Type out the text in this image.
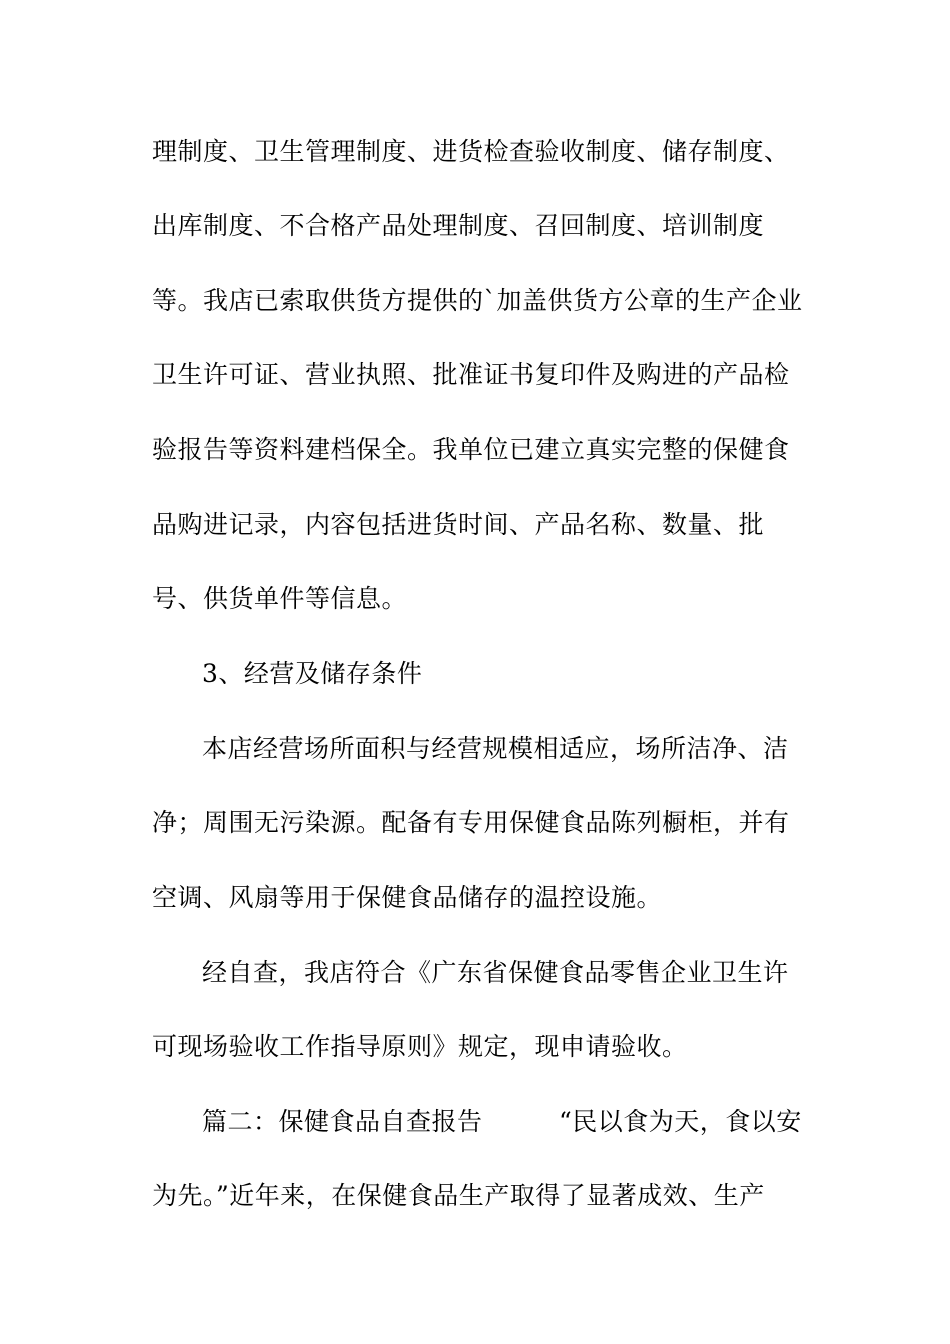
理制度、卫生管理制度、进货检查验收制度、储存制度、
出库制度、不合格产品处理制度、召回制度、培训制度
等。我店已索取供货方提供的`加盖供货方公章的生产企业
卫生许可证、营业执照、批准证书复印件及购进的产品检
验报告等资料建档保全。我单位已建立真实完整的保健食
品购进记录，内容包括进货时间、产品名称、数量、批
号、供货单件等信息。
3、经营及储存条件
本店经营场所面积与经营规模相适应，场所洁净、洁
净；周围无污染源。配备有专用保健食品陈列橱柜，并有
空调、风扇等用于保健食品储存的温控设施。
经自查，我店符合《广东省保健食品零售企业卫生许
可现场验收工作指导原则》规定，现申请验收。
篇二：保健食品自查报告　　　“民以食为天，食以安
为先。”近年来，在保健食品生产取得了显著成效、生产
